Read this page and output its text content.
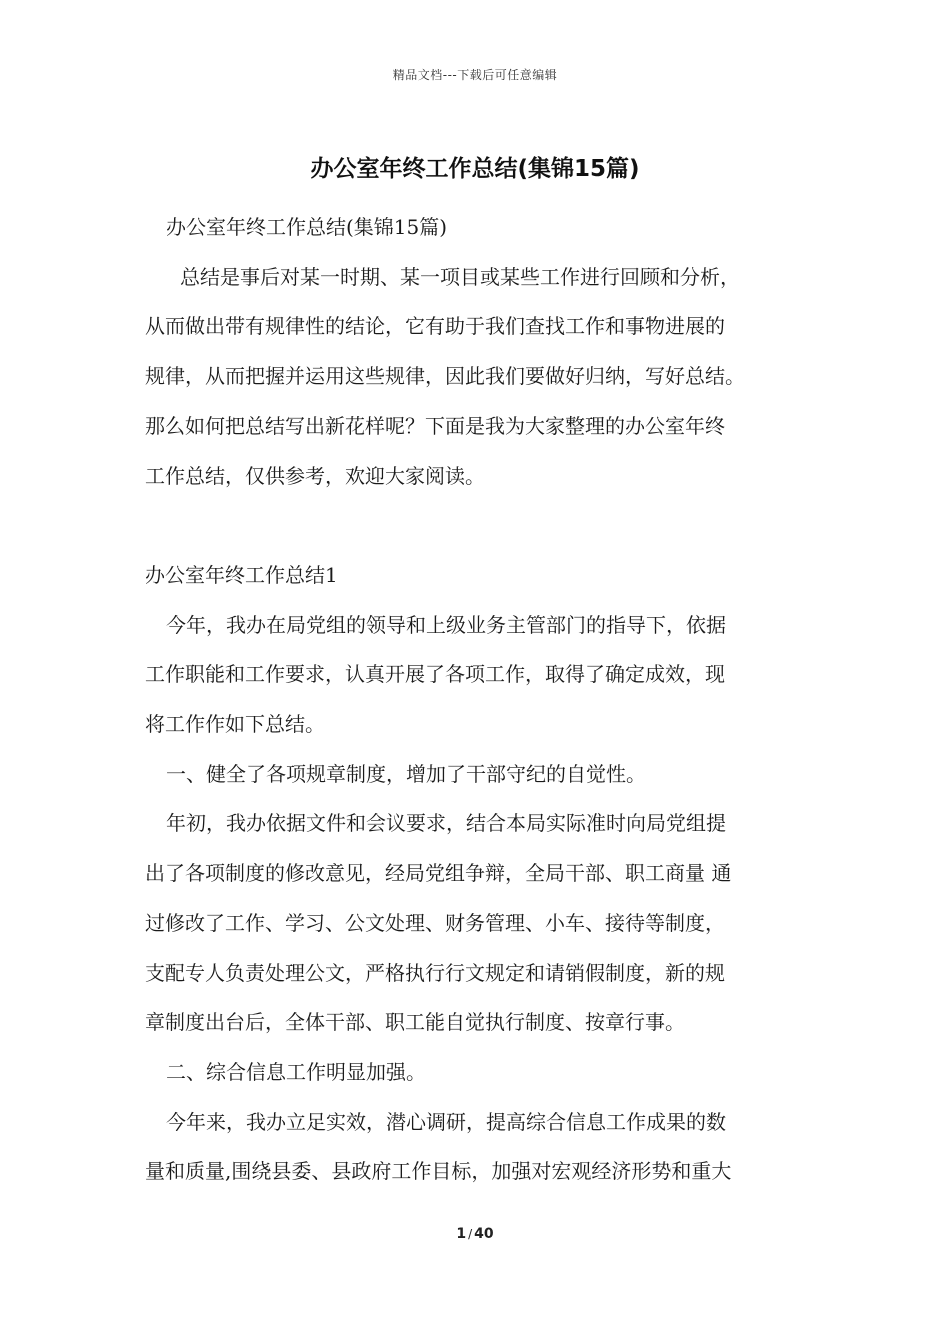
精品文档---下载后可任意编辑
办公室年终工作总结(集锦15篇)

办公室年终工作总结(集锦15篇)

总结是事后对某一时期、某一项目或某些工作进行回顾和分析，
从而做出带有规律性的结论，它有助于我们查找工作和事物进展的
规律，从而把握并运用这些规律，因此我们要做好归纳，写好总结。
那么如何把总结写出新花样呢？下面是我为大家整理的办公室年终
工作总结，仅供参考，欢迎大家阅读。

办公室年终工作总结1

今年，我办在局党组的领导和上级业务主管部门的指导下，依据
工作职能和工作要求，认真开展了各项工作，取得了确定成效，现
将工作作如下总结。

一、健全了各项规章制度，增加了干部守纪的自觉性。

年初，我办依据文件和会议要求，结合本局实际准时向局党组提
出了各项制度的修改意见，经局党组争辩，全局干部、职工商量 通
过修改了工作、学习、公文处理、财务管理、小车、接待等制度，
支配专人负责处理公文，严格执行行文规定和请销假制度，新的规
章制度出台后，全体干部、职工能自觉执行制度、按章行事。

二、综合信息工作明显加强。

今年来，我办立足实效，潜心调研，提高综合信息工作成果的数
量和质量,围绕县委、县政府工作目标，加强对宏观经济形势和重大

1 / 40
